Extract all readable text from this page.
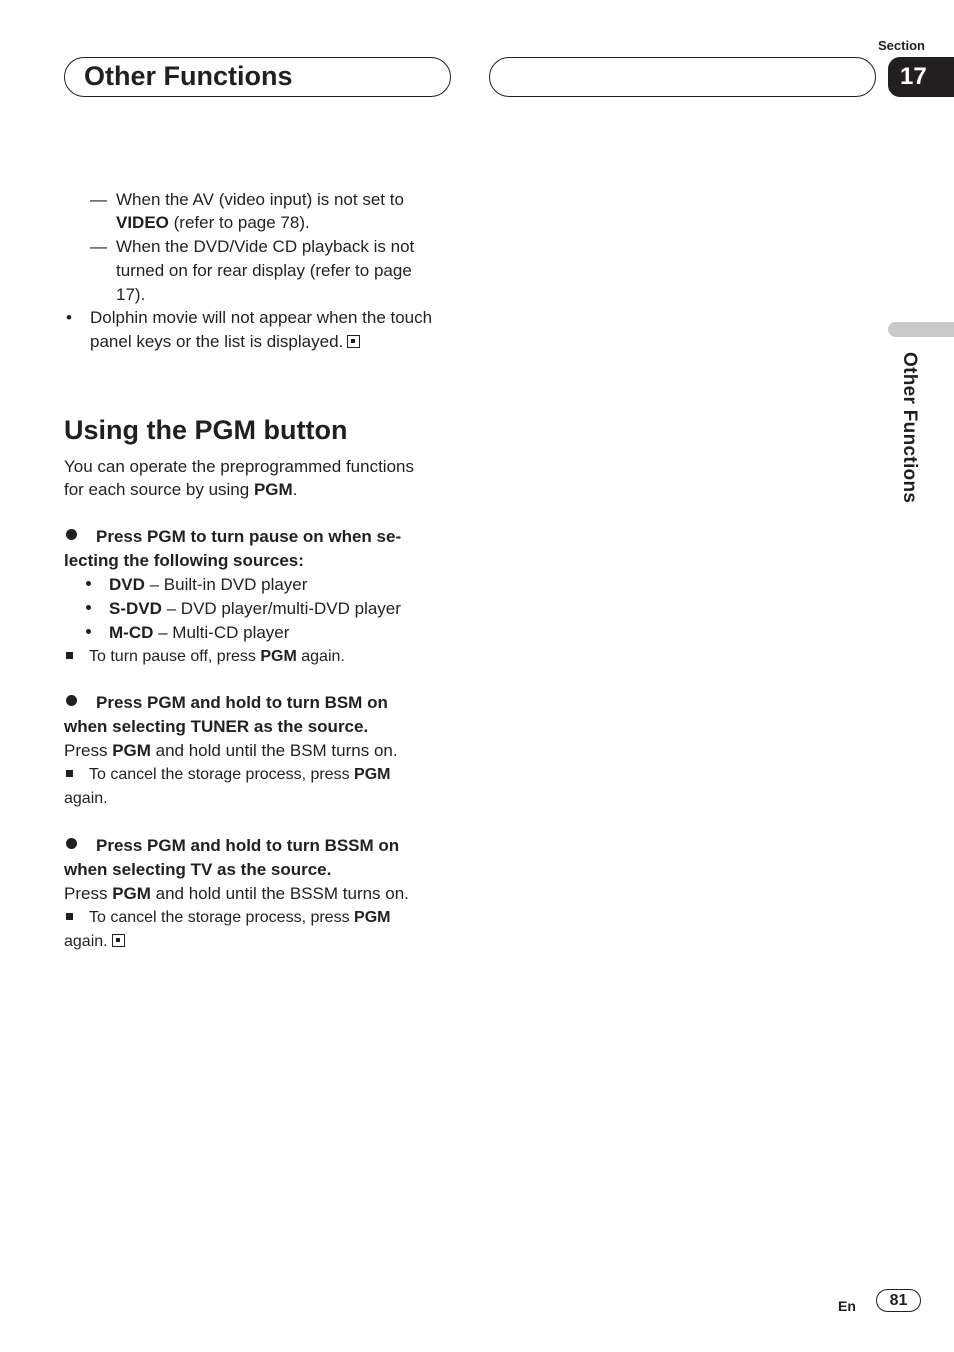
Other Functions
Section
17
Other Functions
— When the AV (video input) is not set to
VIDEO (refer to page 78).
— When the DVD/Vide CD playback is not
turned on for rear display (refer to page
17).
• Dolphin movie will not appear when the touch
panel keys or the list is displayed.
Using the PGM button
You can operate the preprogrammed functions
for each source by using PGM.
Press PGM to turn pause on when se-
lecting the following sources:
DVD – Built-in DVD player
S-DVD – DVD player/multi-DVD player
M-CD – Multi-CD player
To turn pause off, press PGM again.
Press PGM and hold to turn BSM on
when selecting TUNER as the source.
Press PGM and hold until the BSM turns on.
To cancel the storage process, press PGM
again.
Press PGM and hold to turn BSSM on
when selecting TV as the source.
Press PGM and hold until the BSSM turns on.
To cancel the storage process, press PGM
again.
En	81
